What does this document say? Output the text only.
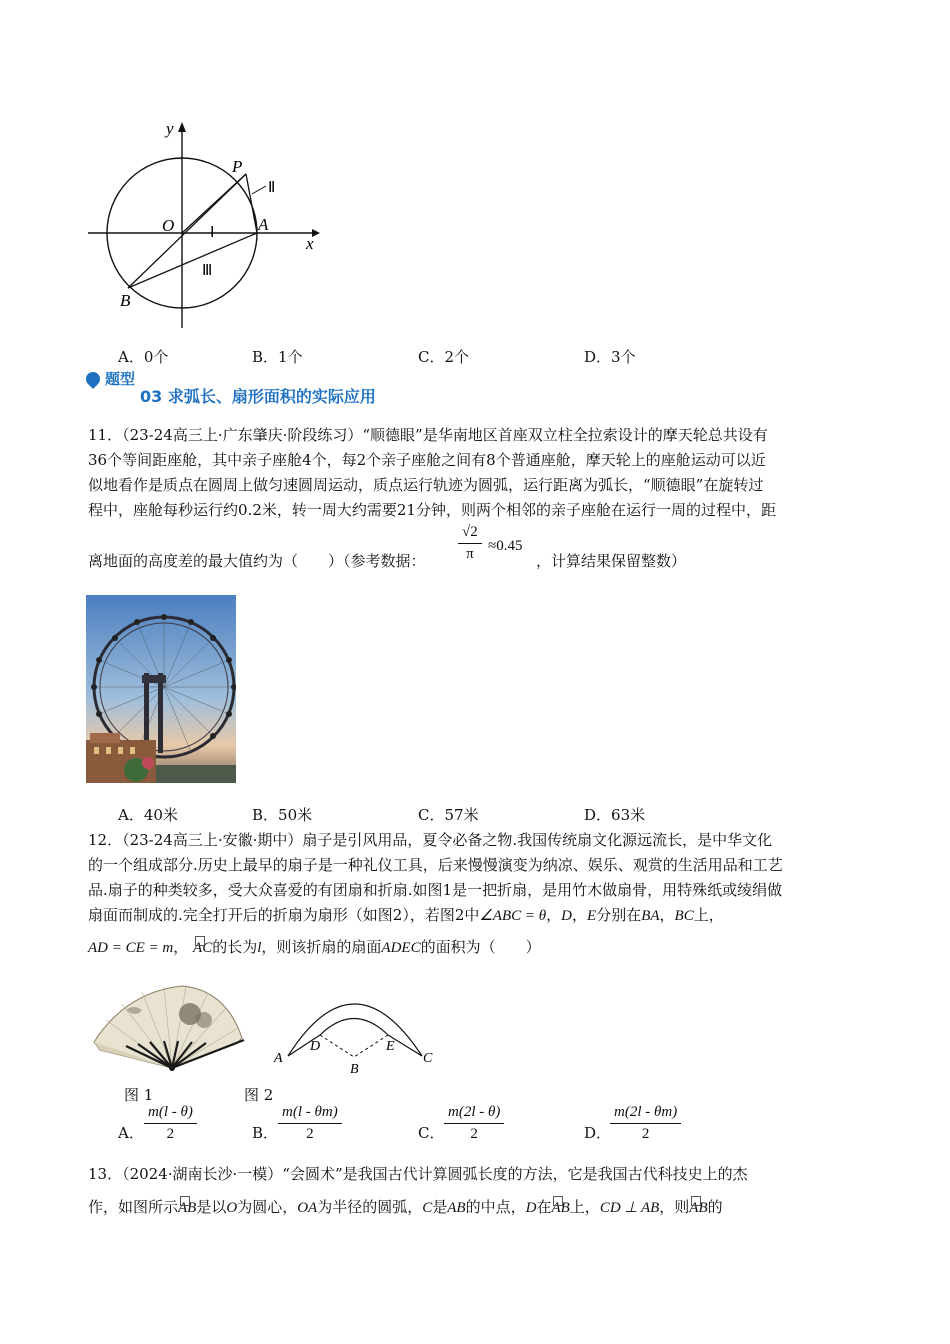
y
x
O
P
A
B
Ⅰ
Ⅱ
Ⅲ
A．0个	B．1个	C．2个	D．3个
题型
03 求弧长、扇形面积的实际应用
11．（23-24高三上·广东肇庆·阶段练习）“顺德眼”是华南地区首座双立柱全拉索设计的摩天轮总共设有
36个等间距座舱，其中亲子座舱4个，每2个亲子座舱之间有8个普通座舱，摩天轮上的座舱运动可以近
似地看作是质点在圆周上做匀速圆周运动，质点运行轨迹为圆弧，运行距离为弧长，“顺德眼”在旋转过
程中，座舱每秒运行约0.2米，转一周大约需要21分钟，则两个相邻的亲子座舱在运行一周的过程中，距
离地面的高度差的最大值约为（　　）（参考数据：
√2
π ≈0.45
，计算结果保留整数）
A．40米	B．50米	C．57米	D．63米
12．（23-24高三上·安徽·期中）扇子是引风用品，夏令必备之物.我国传统扇文化源远流长，是中华文化
的一个组成部分.历史上最早的扇子是一种礼仪工具，后来慢慢演变为纳凉、娱乐、观赏的生活用品和工艺
品.扇子的种类较多，受大众喜爱的有团扇和折扇.如图1是一把折扇，是用竹木做扇骨，用特殊纸或绫绢做
扇面而制成的.完全打开后的折扇为扇形（如图2），若图2中∠ABC = θ，D，E分别在BA，BC上，
AD = CE = m， AC的长为l，则该折扇的扇面ADEC的面积为（　　）
A	C
D	E
B
图 1	图 2
A．
m(l - θ)
2	B．
m(l - θm)
2	C．
m(2l - θ)
2	D．
m(2l - θm)
2
13．（2024·湖南长沙·一模）“会圆术”是我国古代计算圆弧长度的方法，它是我国古代科技史上的杰
作，如图所示AB是以O为圆心，OA为半径的圆弧，C是AB的中点，D在AB上，CD ⊥ AB，则AB的
